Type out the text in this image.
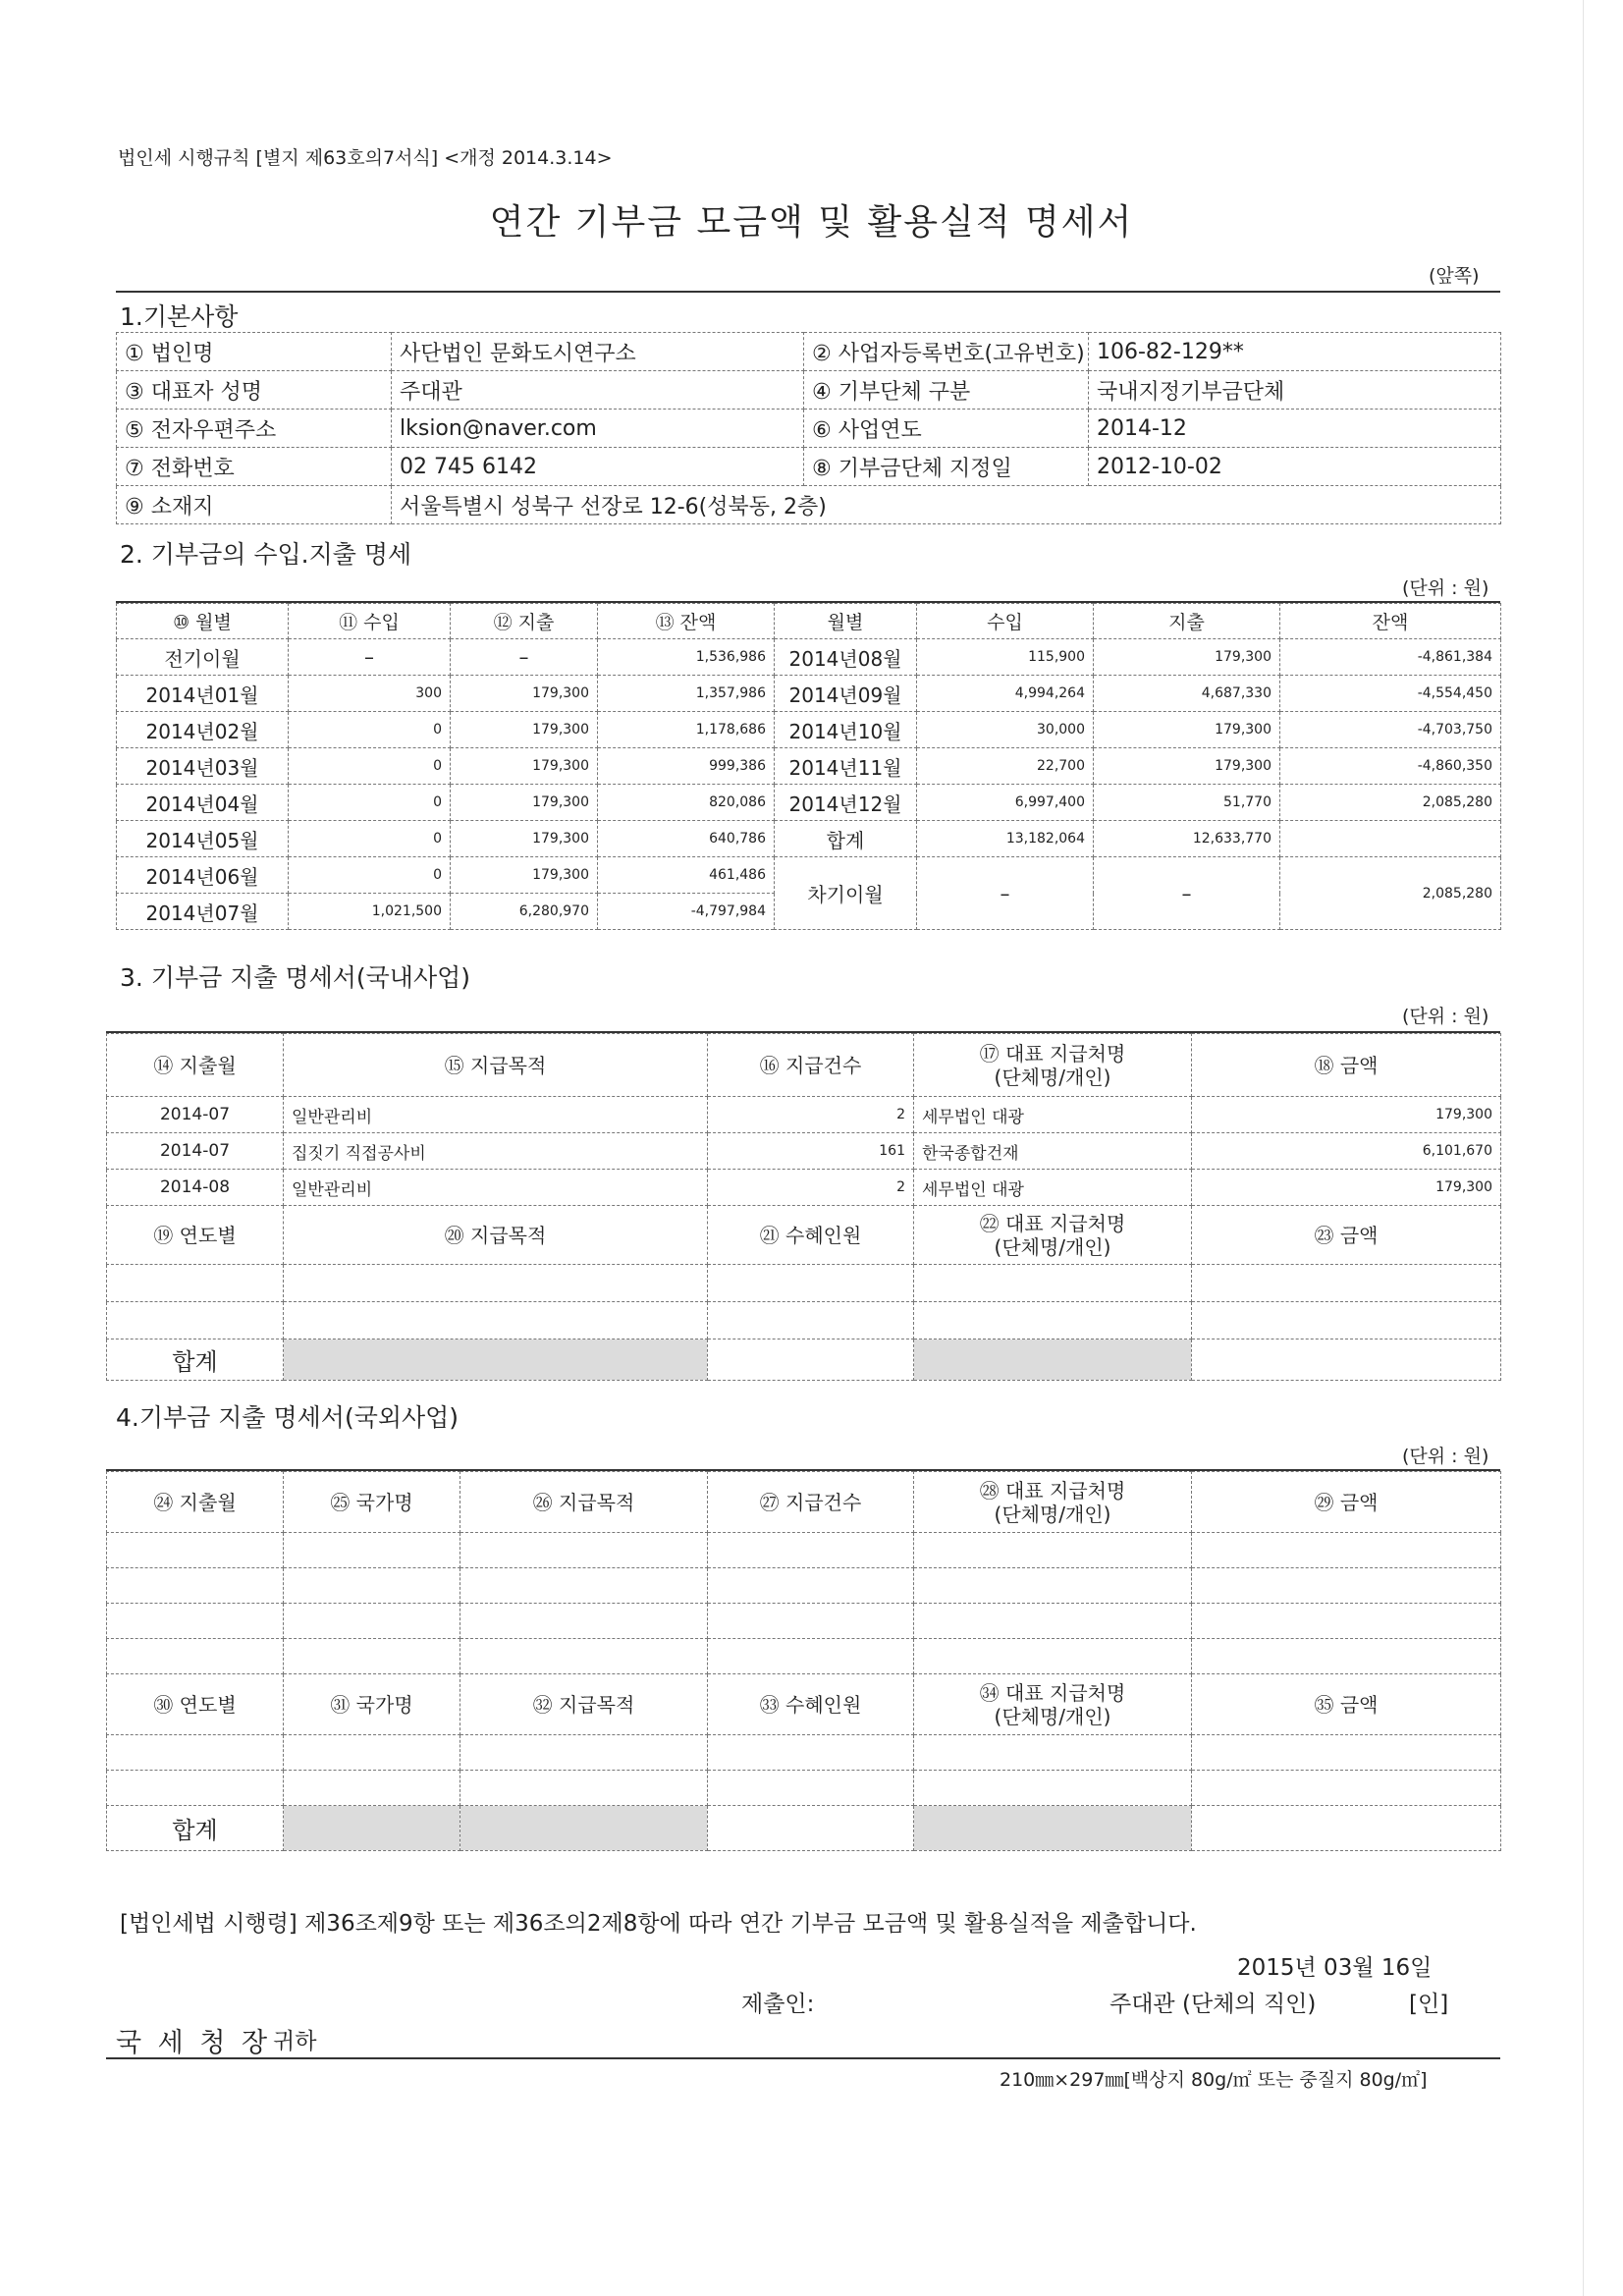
법인세 시행규칙 [별지 제63호의7서식] <개정 2014.3.14>
연간 기부금 모금액 및 활용실적 명세서
(앞쪽)
1.기본사항
① 법인명	사단법인 문화도시연구소	② 사업자등록번호(고유번호)	106-82-129**
③ 대표자 성명	주대관	④ 기부단체 구분	국내지정기부금단체
⑤ 전자우편주소	lksion@naver.com	⑥ 사업연도	2014-12
⑦ 전화번호	02 745 6142	⑧ 기부금단체 지정일	2012-10-02
⑨ 소재지	서울특별시 성북구 선장로 12-6(성북동, 2층)		
2. 기부금의 수입.지출 명세
(단위 : 원)
⑩ 월별	⑪ 수입	⑫ 지출	⑬ 잔액	월별	수입	지출	잔액
전기이월	–	–	1,536,986	2014년08월	115,900	179,300	-4,861,384
2014년01월	300	179,300	1,357,986	2014년09월	4,994,264	4,687,330	-4,554,450
2014년02월	0	179,300	1,178,686	2014년10월	30,000	179,300	-4,703,750
2014년03월	0	179,300	999,386	2014년11월	22,700	179,300	-4,860,350
2014년04월	0	179,300	820,086	2014년12월	6,997,400	51,770	2,085,280
2014년05월	0	179,300	640,786	합계	13,182,064	12,633,770	
2014년06월	0	179,300	461,486	차기이월	–	–	2,085,280
2014년07월	1,021,500	6,280,970	-4,797,984				
3. 기부금 지출 명세서(국내사업)
(단위 : 원)
⑭ 지출월	⑮ 지급목적	⑯ 지급건수	⑰ 대표 지급처명
(단체명/개인)	⑱ 금액
2014-07	일반관리비	2	세무법인 대광	179,300
2014-07	집짓기 직접공사비	161	한국종합건재	6,101,670
2014-08	일반관리비	2	세무법인 대광	179,300
⑲ 연도별	⑳ 지급목적	㉑ 수혜인원	㉒ 대표 지급처명
(단체명/개인)	㉓ 금액

합계				
4.기부금 지출 명세서(국외사업)
(단위 : 원)
㉔ 지출월	㉕ 국가명	㉖ 지급목적	㉗ 지급건수	㉘ 대표 지급처명
(단체명/개인)	㉙ 금액

㉚ 연도별	㉛ 국가명	㉜ 지급목적	㉝ 수혜인원	㉞ 대표 지급처명
(단체명/개인)	㉟ 금액

합계					
[법인세법 시행령] 제36조제9항 또는 제36조의2제8항에 따라 연간 기부금 모금액 및 활용실적을 제출합니다.
2015년 03월 16일
제출인:	주대관 (단체의 직인)	[인]
국 세 청 장 귀하
210㎜×297㎜[백상지 80g/㎡ 또는 중질지 80g/㎡]
